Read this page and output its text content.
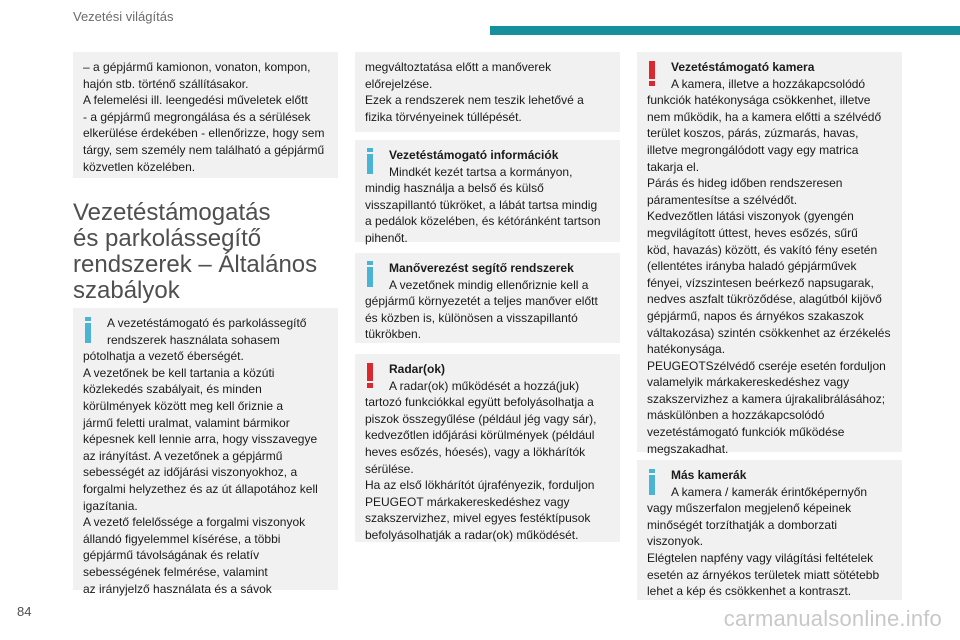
Vezetési világítás

– a gépjármű kamionon, vonaton, kompon,

hajón stb. történő szállításakor.

A felemelési ill. leengedési műveletek előtt

- a gépjármű megrongálása és a sérülések

elkerülése érdekében - ellenőrizze, hogy sem

tárgy, sem személy nem található a gépjármű

közvetlen közelében.

Vezetéstámogatás
és parkolássegítő
rendszerek – Általános
szabályok

A vezetéstámogató és parkolássegítő

rendszerek használata sohasem

pótolhatja a vezető éberségét.

A vezetőnek be kell tartania a közúti

közlekedés szabályait, és minden

körülmények között meg kell őriznie a

jármű feletti uralmat, valamint bármikor

képesnek kell lennie arra, hogy visszavegye

az irányítást. A vezetőnek a gépjármű

sebességét az időjárási viszonyokhoz, a

forgalmi helyzethez és az út állapotához kell

igazítania.

A vezető felelőssége a forgalmi viszonyok

állandó figyelemmel kísérése, a többi

gépjármű távolságának és relatív

sebességének felmérése, valamint

az irányjelző használata és a sávok

megváltoztatása előtt a manőverek

előrejelzése.

Ezek a rendszerek nem teszik lehetővé a

fizika törvényeinek túllépését.

Vezetéstámogató információk

Mindkét kezét tartsa a kormányon,

mindig használja a belső és külső

visszapillantó tükröket, a lábát tartsa mindig

a pedálok közelében, és kétóránként tartson

pihenőt.

Manőverezést segítő rendszerek

A vezetőnek mindig ellenőriznie kell a

gépjármű környezetét a teljes manőver előtt

és közben is, különösen a visszapillantó

tükrökben.

Radar(ok)

A radar(ok) működését a hozzá(juk)

tartozó funkciókkal együtt befolyásolhatja a

piszok összegyűlése (például jég vagy sár),

kedvezőtlen időjárási körülmények (például

heves esőzés, hóesés), vagy a lökhárítók

sérülése.

Ha az első lökhárítót újrafényezik, forduljon

PEUGEOT márkakereskedéshez vagy

szakszervizhez, mivel egyes festéktípusok

befolyásolhatják a radar(ok) működését.

Vezetéstámogató kamera

A kamera, illetve a hozzákapcsolódó

funkciók hatékonysága csökkenhet, illetve

nem működik, ha a kamera előtti a szélvédő

terület koszos, párás, zúzmarás, havas,

illetve megrongálódott vagy egy matrica

takarja el.

Párás és hideg időben rendszeresen

páramentesítse a szélvédőt.

Kedvezőtlen látási viszonyok (gyengén

megvilágított úttest, heves esőzés, sűrű

köd, havazás) között, és vakító fény esetén

(ellentétes irányba haladó gépjárművek

fényei, vízszintesen beérkező napsugarak,

nedves aszfalt tükröződése, alagútból kijövő

gépjármű, napos és árnyékos szakaszok

váltakozása) szintén csökkenhet az érzékelés

hatékonysága.

PEUGEOTSzélvédő cseréje esetén forduljon

valamelyik márkakereskedéshez vagy

szakszervizhez a kamera újrakalibrálásához;

máskülönben a hozzákapcsolódó

vezetéstámogató funkciók működése

megszakadhat.

Más kamerák

A kamera / kamerák érintőképernyőn

vagy műszerfalon megjelenő képeinek

minőségét torzíthatják a domborzati

viszonyok.

Elégtelen napfény vagy világítási feltételek

esetén az árnyékos területek miatt sötétebb

lehet a kép és csökkenhet a kontraszt.

84	carmanualsonline.info
